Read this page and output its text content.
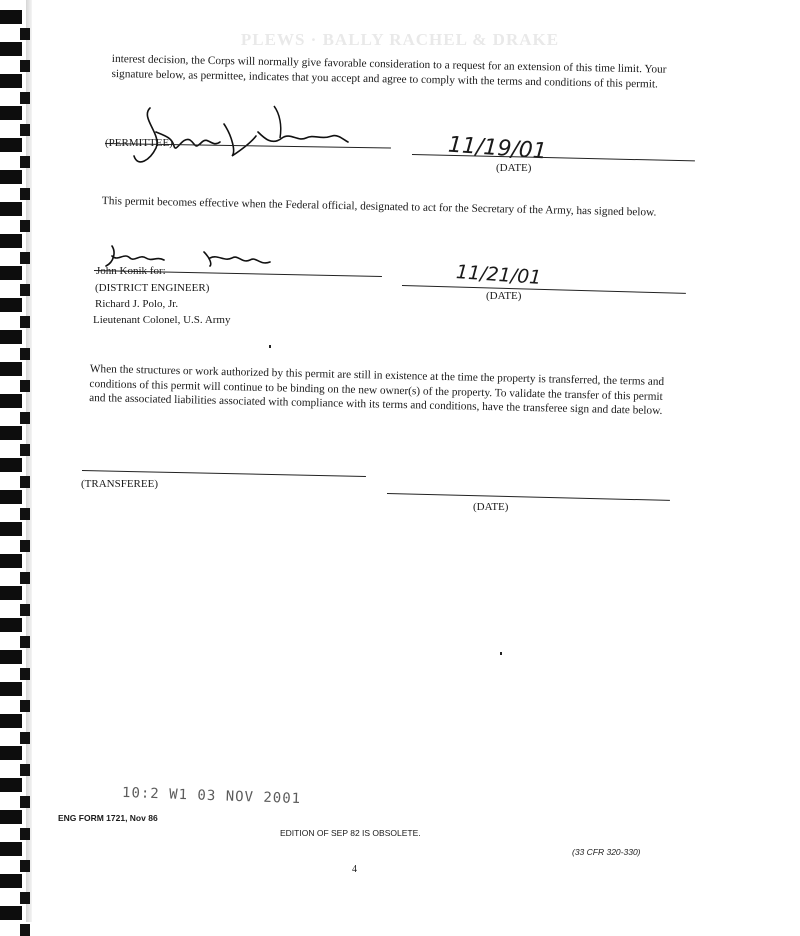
PLEWS · BALLY RACHEL & DRAKE
interest decision, the Corps will normally give favorable consideration to a request for an extension of this time limit. Your signature below, as permittee, indicates that you accept and agree to comply with the terms and conditions of this permit.
(PERMITTEE)	11/19/01
(DATE)
This permit becomes effective when the Federal official, designated to act for the Secretary of the Army, has signed below.
John Konik for:
(DISTRICT ENGINEER)
Richard J. Polo, Jr.
Lieutenant Colonel, U.S. Army
11/21/01
(DATE)
When the structures or work authorized by this permit are still in existence at the time the property is transferred, the terms and conditions of this permit will continue to be binding on the new owner(s) of the property. To validate the transfer of this permit and the associated liabilities associated with compliance with its terms and conditions, have the transferee sign and date below.
(TRANSFEREE)
(DATE)
10:2 W1 03 NOV 2001
ENG FORM 1721, Nov 86
EDITION OF SEP 82 IS OBSOLETE.
(33 CFR 320-330)
4
